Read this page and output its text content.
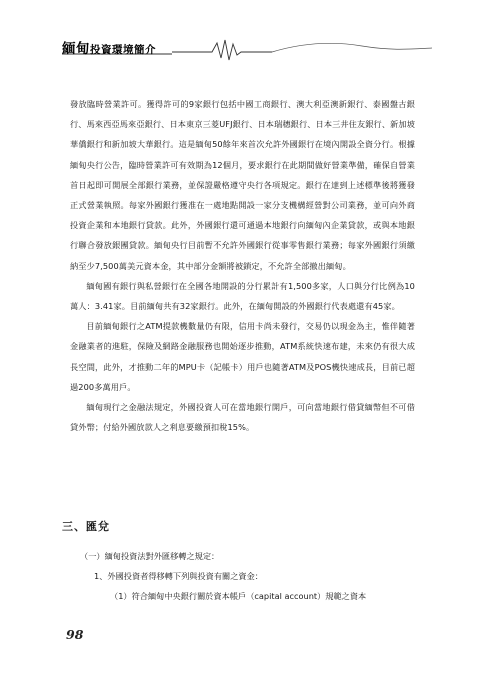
緬甸投資環境簡介

發放臨時營業許可。獲得許可的9家銀行包括中國工商銀行、澳大利亞澳新銀行、泰國盤古銀行、馬來西亞馬來亞銀行、日本東京三菱UFJ銀行、日本瑞穗銀行、日本三井住友銀行、新加坡華僑銀行和新加坡大華銀行。這是緬甸50餘年來首次允許外國銀行在境內開設全資分行。根據緬甸央行公告，臨時營業許可有效期為12個月，要求銀行在此期間做好營業準備，確保自營業首日起即可開展全部銀行業務，並保證嚴格遵守央行各項規定。銀行在達到上述標準後將獲發正式營業執照。每家外國銀行獲准在一處地點開設一家分支機構經營對公司業務，並可向外商投資企業和本地銀行貸款。此外，外國銀行還可通過本地銀行向緬甸內企業貸款，或與本地銀行聯合發放銀團貸款。緬甸央行目前暫不允許外國銀行從事零售銀行業務；每家外國銀行須繳納至少7,500萬美元資本金，其中部分金額將被鎖定，不允許全部撤出緬甸。

緬甸國有銀行與私營銀行在全國各地開設的分行累計有1,500多家，人口與分行比例為10萬人：3.41家。目前緬甸共有32家銀行。此外，在緬甸開設的外國銀行代表處還有45家。

目前緬甸銀行之ATM提款機數量仍有限，信用卡尚未發行，交易仍以現金為主，惟伴隨著金融業者的進駐，保險及網路金融服務也開始逐步推動，ATM系統快速布建，未來仍有很大成長空間，此外，才推動二年的MPU卡（記帳卡）用戶也隨著ATM及POS機快速成長，目前已超過200多萬用戶。

緬甸現行之金融法規定，外國投資人可在當地銀行開戶，可向當地銀行借貸緬幣但不可借貸外幣；付給外國放款人之利息要繳預扣稅15%。

三、匯兌
（一）緬甸投資法對外匯移轉之規定：
1、外國投資者得移轉下列與投資有關之資金：
（1）符合緬甸中央銀行關於資本帳戶（capital account）規範之資本
98
